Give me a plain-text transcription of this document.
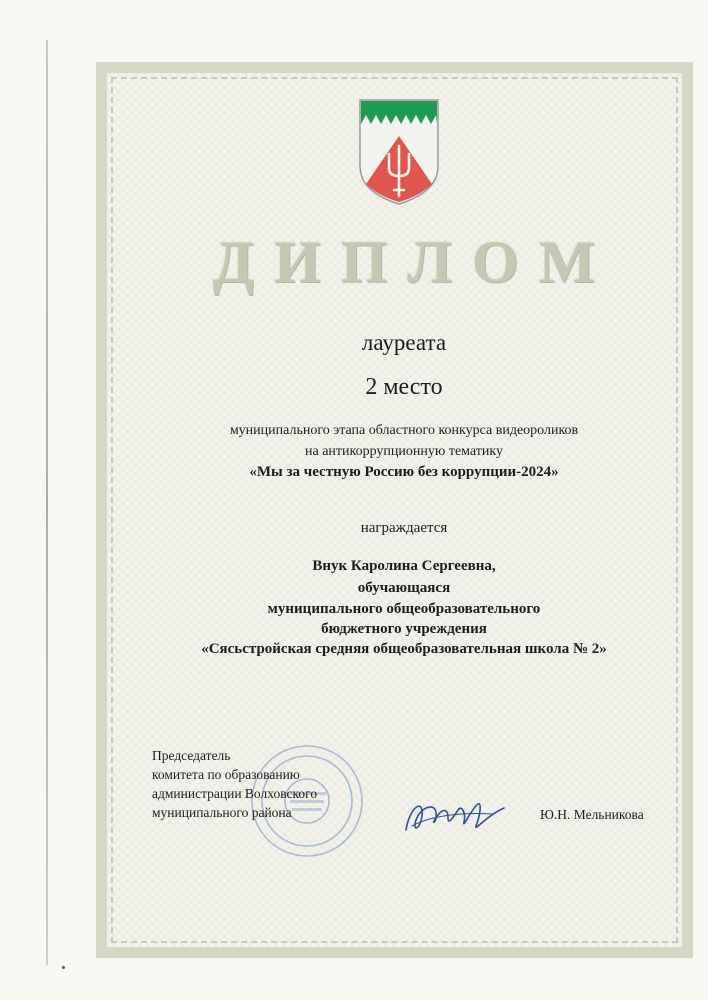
ДИПЛОМ
лауреата
2 место
муниципального этапа областного конкурса видеороликов
на антикоррупционную тематику
«Мы за честную Россию без коррупции-2024»
награждается
Внук Каролина Сергеевна,
обучающаяся
муниципального общеобразовательного
бюджетного учреждения
«Сясьстройская средняя общеобразовательная школа № 2»
Председатель
комитета по образованию
администрации Волховского
муниципального района	Ю.Н. Мельникова
